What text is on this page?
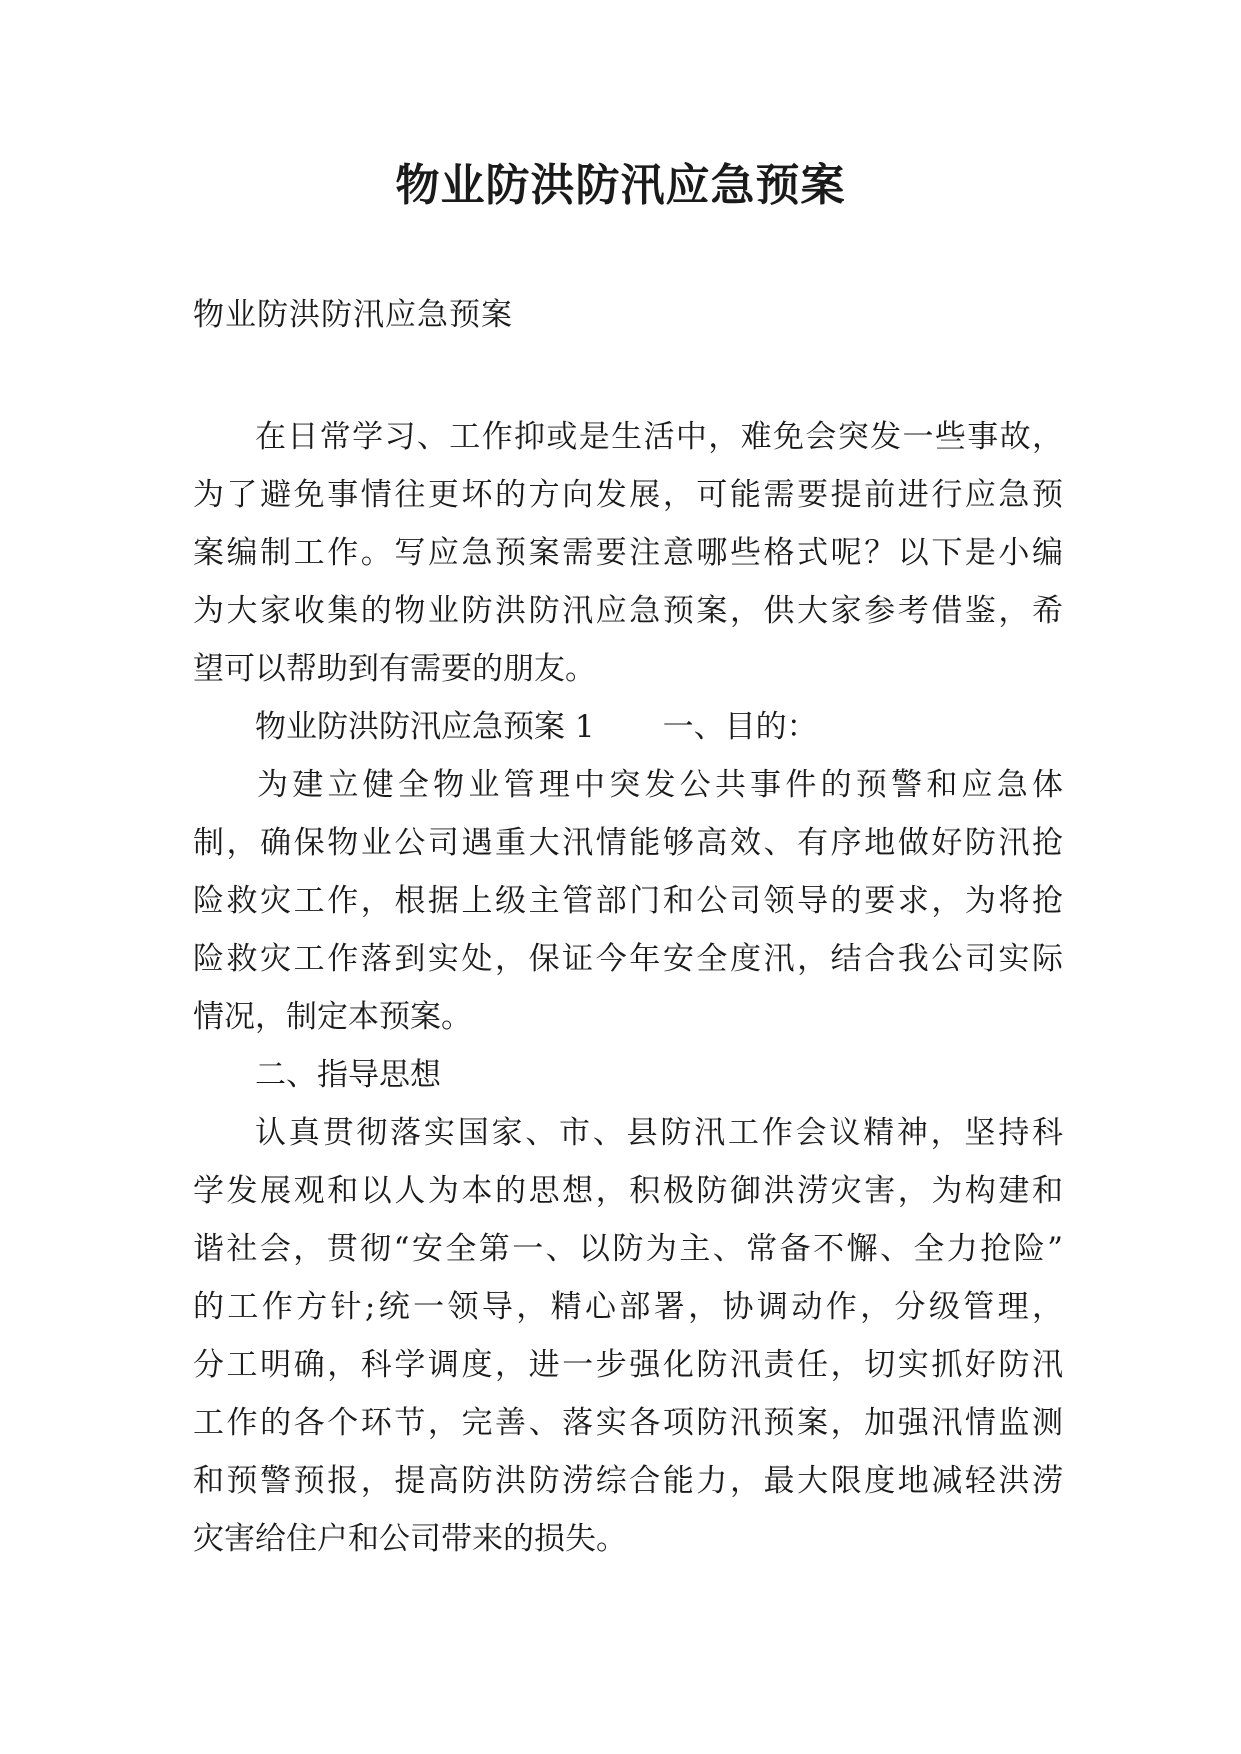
物业防洪防汛应急预案
物业防洪防汛应急预案
在日常学习、工作抑或是生活中，难免会突发一些事故，
为了避免事情往更坏的方向发展，可能需要提前进行应急预
案编制工作。写应急预案需要注意哪些格式呢？以下是小编
为大家收集的物业防洪防汛应急预案，供大家参考借鉴，希
望可以帮助到有需要的朋友。
物业防洪防汛应急预案 1 一、目的：
为建立健全物业管理中突发公共事件的预警和应急体
制，确保物业公司遇重大汛情能够高效、有序地做好防汛抢
险救灾工作，根据上级主管部门和公司领导的要求，为将抢
险救灾工作落到实处，保证今年安全度汛，结合我公司实际
情况，制定本预案。
二、指导思想
认真贯彻落实国家、市、县防汛工作会议精神，坚持科
学发展观和以人为本的思想，积极防御洪涝灾害，为构建和
谐社会，贯彻“安全第一、以防为主、常备不懈、全力抢险”
的工作方针;统一领导，精心部署，协调动作，分级管理，
分工明确，科学调度，进一步强化防汛责任，切实抓好防汛
工作的各个环节，完善、落实各项防汛预案，加强汛情监测
和预警预报，提高防洪防涝综合能力，最大限度地减轻洪涝
灾害给住户和公司带来的损失。
